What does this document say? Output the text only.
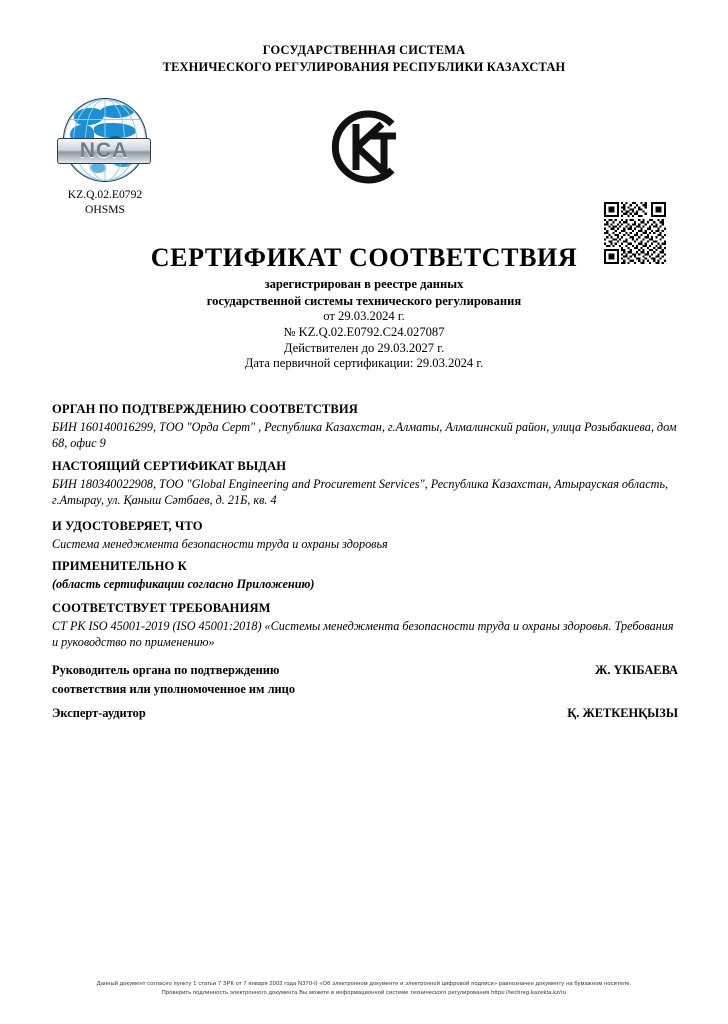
ГОСУДАРСТВЕННАЯ СИСТЕМА
ТЕХНИЧЕСКОГО РЕГУЛИРОВАНИЯ РЕСПУБЛИКИ КАЗАХСТАН
NCA
KZ.Q.02.E0792
OHSMS
СЕРТИФИКАТ СООТВЕТСТВИЯ
зарегистрирован в реестре данных
государственной системы технического регулирования
от 29.03.2024 г.
№ KZ.Q.02.E0792.C24.027087
Действителен до 29.03.2027 г.
Дата первичной сертификации: 29.03.2024 г.
ОРГАН ПО ПОДТВЕРЖДЕНИЮ СООТВЕТСТВИЯ
БИН 160140016299, ТОО "Орда Серт" , Республика Казахстан, г.Алматы, Алмалинский район, улица Розыбакиева, дом 68, офис 9
НАСТОЯЩИЙ СЕРТИФИКАТ ВЫДАН
БИН 180340022908, ТОО "Global Engineering and Procurement Services", Республика Казахстан, Атырауская область, г.Атырау, ул. Қаныш Сәтбаев, д. 21Б, кв. 4
И УДОСТОВЕРЯЕТ, ЧТО
Система менеджмента безопасности труда и охраны здоровья
ПРИМЕНИТЕЛЬНО К
(область сертификации согласно Приложению)
СООТВЕТСТВУЕТ ТРЕБОВАНИЯМ
СТ РК ISO 45001-2019 (ISO 45001:2018) «Системы менеджмента безопасности труда и охраны здоровья. Требования и руководство по применению»
Руководитель органа по подтверждению
соответствия или уполномоченное им лицо
Ж. ҮКІБАЕВА
Эксперт-аудитор	Қ. ЖЕТКЕНҚЫЗЫ
Данный документ согласно пункту 1 статьи 7 ЗРК от 7 января 2003 года N370-II «Об электронном документе и электронной цифровой подписи» равнозначен документу на бумажном носителе.
Проверить подлинность электронного документа Вы можете в информационной системе технического регулирования https://techreg.kazekta.kz/ru
